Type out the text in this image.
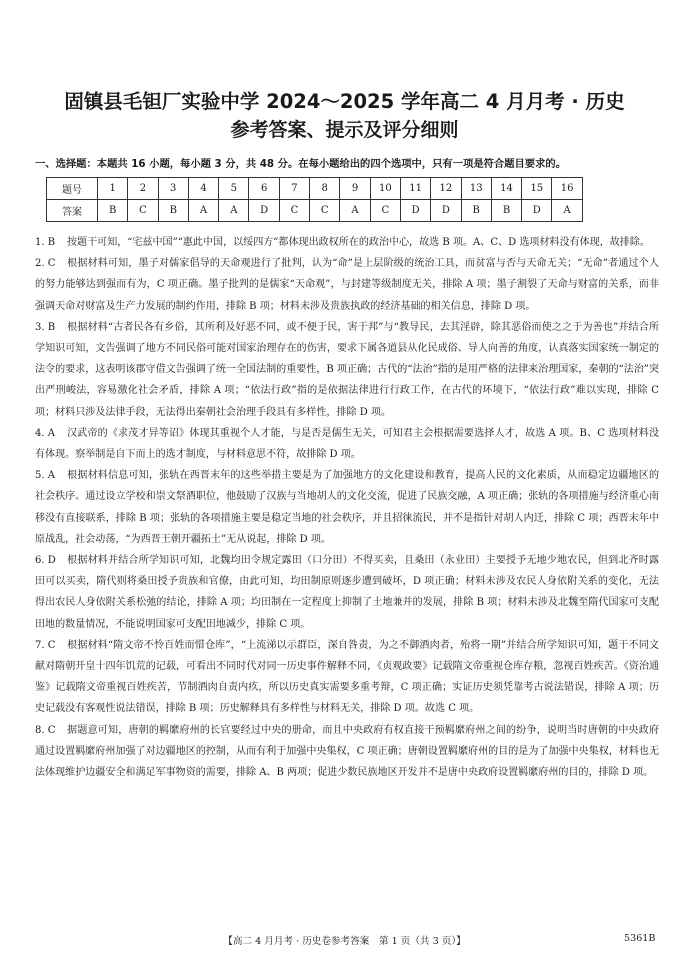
固镇县毛钽厂实验中学 2024～2025 学年高二 4 月月考 · 历史
参考答案、提示及评分细则
一、选择题：本题共 16 小题，每小题 3 分，共 48 分。在每小题给出的四个选项中，只有一项是符合题目要求的。
题号	1	2	3	4	5	6	7	8	9	10	11	12	13	14	15	16
答案	B	C	B	A	A	D	C	C	A	C	D	D	B	B	D	A

1. B 按题干可知，“宅兹中国”“惠此中国，以绥四方”都体现出政权所在的政治中心，故选 B 项。A、C、D 选项材料没有体现，故排除。

2. C 根据材料可知，墨子对儒家倡导的天命观进行了批判，认为“命”是上层阶级的统治工具，而贫富与否与天命无关；“无命”者通过个人的努力能够达到强而有为，C 项正确。墨子批判的是儒家“天命观”，与封建等级制度无关，排除 A 项；墨子割裂了天命与财富的关系，而非强调天命对财富及生产力发展的制约作用，排除 B 项；材料未涉及贵族执政的经济基础的相关信息，排除 D 项。

3. B 根据材料“古者民各有乡俗，其所利及好恶不同，或不便于民，害于邦”与“教导民，去其淫辟，除其恶俗而使之之于为善也”并结合所学知识可知，文告强调了地方不同民俗可能对国家治理存在的伤害，要求下属各道县从化民成俗、导人向善的角度，认真落实国家统一制定的法令的要求，这表明该郡守借文告强调了统一全国法制的重要性，B 项正确；古代的“法治”指的是用严格的法律来治理国家，秦朝的“法治”突出严刑峻法，容易激化社会矛盾，排除 A 项；“依法行政”指的是依据法律进行行政工作，在古代的环境下，“依法行政”难以实现，排除 C 项；材料只涉及法律手段，无法得出秦朝社会治理手段具有多样性，排除 D 项。

4. A 汉武帝的《求茂才异等诏》体现其重视个人才能，与是否是儒生无关，可知君主会根据需要选择人才，故选 A 项。B、C 选项材料没有体现。察举制是自下而上的选才制度，与材料意思不符，故排除 D 项。

5. A 根据材料信息可知，张轨在西晋末年的这些举措主要是为了加强地方的文化建设和教育，提高人民的文化素质，从而稳定边疆地区的社会秩序。通过设立学校和崇文祭酒职位，他鼓励了汉族与当地胡人的文化交流，促进了民族交融，A 项正确；张轨的各项措施与经济重心南移没有直接联系，排除 B 项；张轨的各项措施主要是稳定当地的社会秩序，并且招徕流民，并不是指针对胡人内迁，排除 C 项；西晋末年中原战乱，社会动荡，“为西晋王朝开疆拓土”无从说起，排除 D 项。

6. D 根据材料并结合所学知识可知，北魏均田令规定露田（口分田）不得买卖，且桑田（永业田）主要授予无地少地农民，但到北齐时露田可以买卖，隋代则将桑田授予贵族和官僚，由此可知，均田制原则逐步遭到破坏，D 项正确；材料未涉及农民人身依附关系的变化，无法得出农民人身依附关系松弛的结论，排除 A 项；均田制在一定程度上抑制了土地兼并的发展，排除 B 项；材料未涉及北魏至隋代国家可支配田地的数量情况，不能说明国家可支配田地减少，排除 C 项。

7. C 根据材料“隋文帝不怜百姓而惜仓库”，“上流涕以示群臣，深自咎责，为之不御酒肉者，殆将一期”并结合所学知识可知，题干不同文献对隋朝开皇十四年饥荒的记载，可看出不同时代对同一历史事件解释不同，《贞观政要》记载隋文帝重视仓库存粮，忽视百姓疾苦。《资治通鉴》记载隋文帝重视百姓疾苦，节制酒肉自责内疚，所以历史真实需要多重考辩，C 项正确；实证历史须凭靠考古说法错误，排除 A 项；历史记载没有客观性说法错误，排除 B 项；历史解释具有多样性与材料无关，排除 D 项。故选 C 项。

8. C 据题意可知，唐朝的羁縻府州的长官要经过中央的册命，而且中央政府有权直接干预羁縻府州之间的纷争，说明当时唐朝的中央政府通过设置羁縻府州加强了对边疆地区的控制，从而有利于加强中央集权，C 项正确；唐朝设置羁縻府州的目的是为了加强中央集权，材料也无法体现维护边疆安全和满足军事物资的需要，排除 A、B 两项；促进少数民族地区开发并不是唐中央政府设置羁縻府州的目的，排除 D 项。

【高二 4 月月考 · 历史卷参考答案　第 1 页（共 3 页）】	5361B
